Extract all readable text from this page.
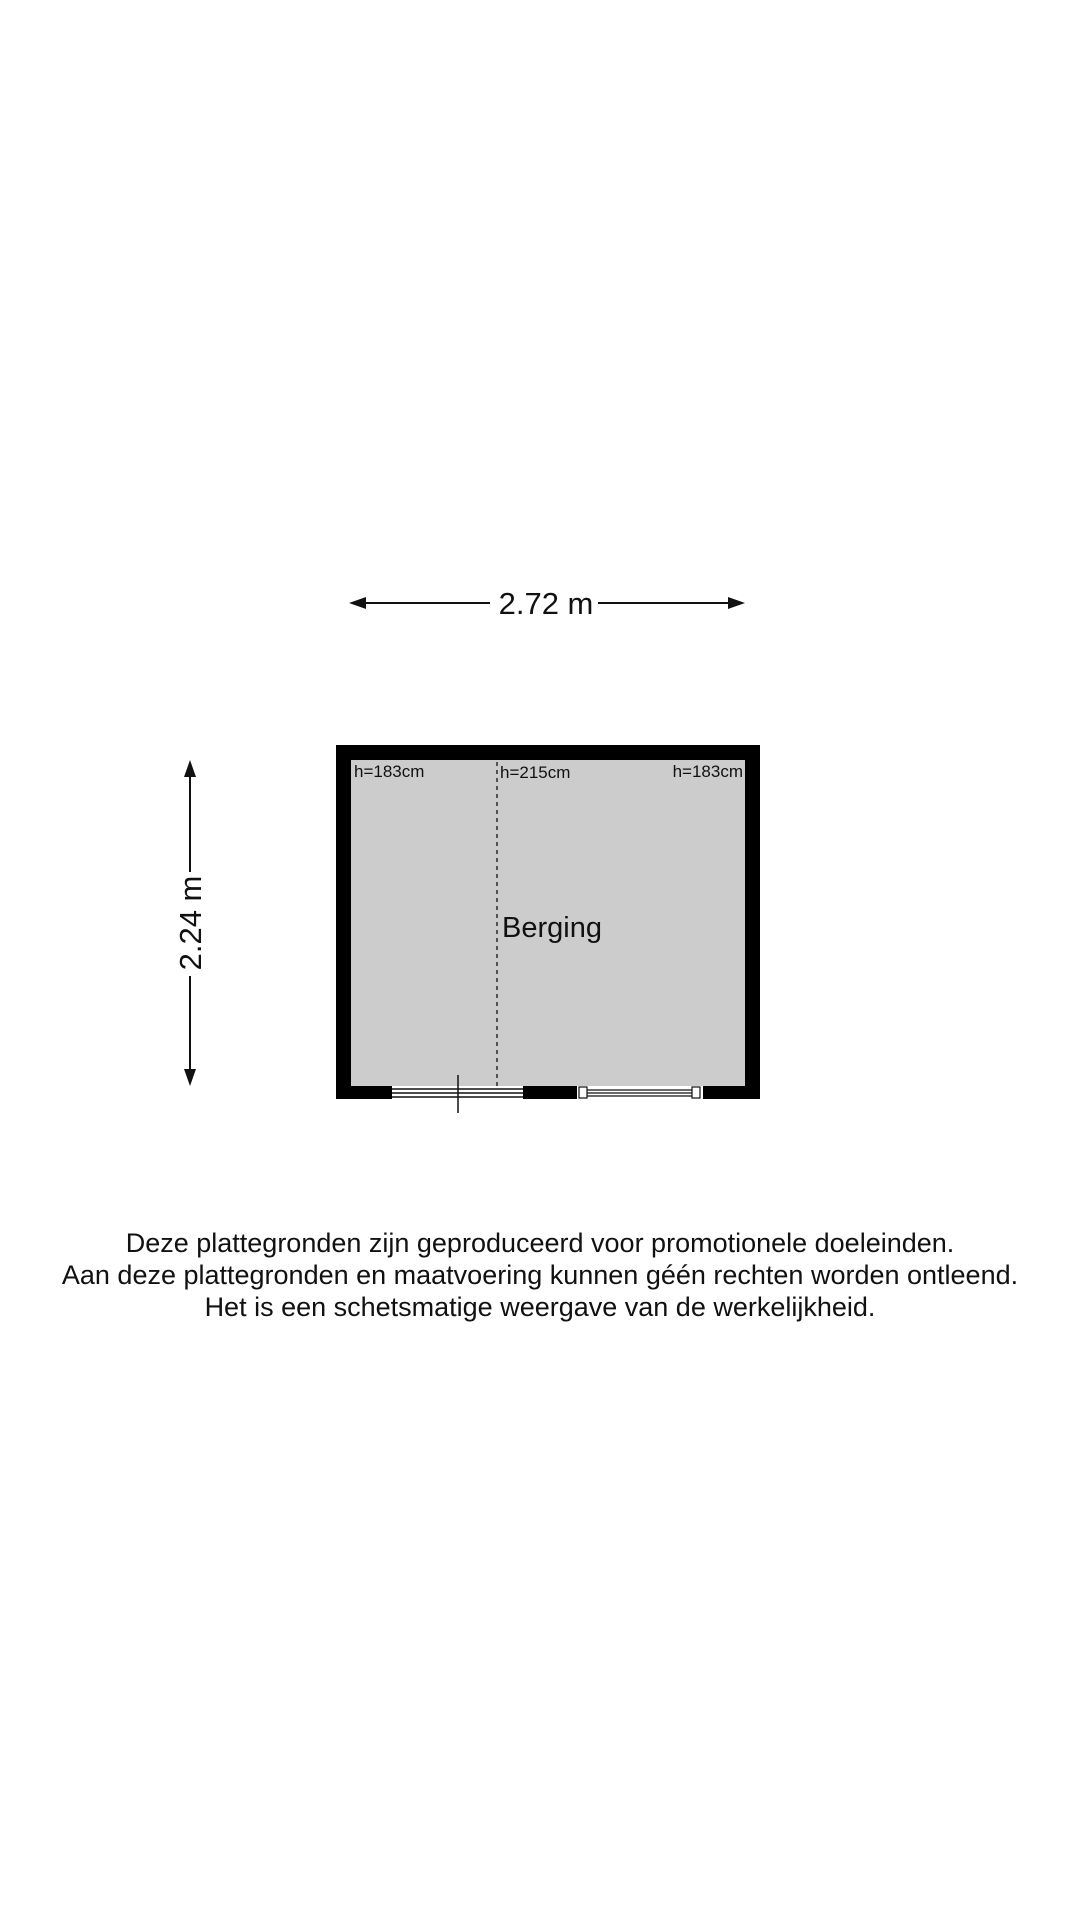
2.72 m
2.24 m
h=183cm	h=215cm	h=183cm
Berging
Deze plattegronden zijn geproduceerd voor promotionele doeleinden.
Aan deze plattegronden en maatvoering kunnen géén rechten worden ontleend.
Het is een schetsmatige weergave van de werkelijkheid.
